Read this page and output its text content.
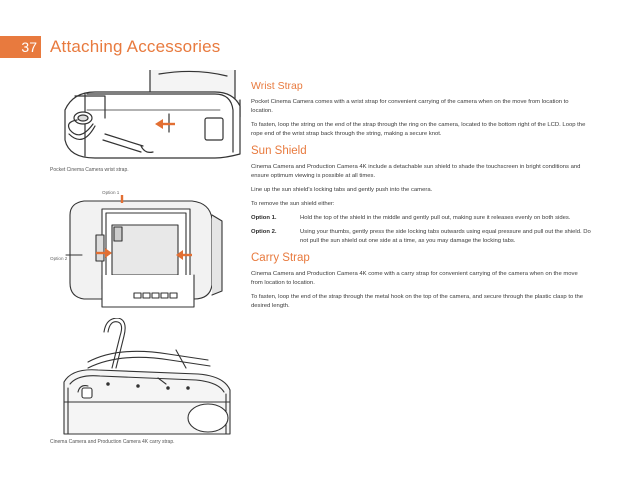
37 Attaching Accessories
Pocket Cinema Camera wrist strap.
Option 1
Option 2
Cinema Camera and Production Camera 4K carry strap.
Wrist Strap

Pocket Cinema Camera comes with a wrist strap for convenient carrying of the camera when on the move from location to location.

To fasten, loop the string on the end of the strap through the ring on the camera, located to the bottom right of the LCD. Loop the rope end of the wrist strap back through the string, making a secure knot.

Sun Shield

Cinema Camera and Production Camera 4K include a detachable sun shield to shade the touchscreen in bright conditions and ensure optimum viewing is possible at all times.

Line up the sun shield's locking tabs and gently push into the camera.

To remove the sun shield either:

Option 1.	Hold the top of the shield in the middle and gently pull out, making sure it releases evenly on both sides.
Option 2.	Using your thumbs, gently press the side locking tabs outwards using equal pressure and pull out the shield. Do not pull the sun shield out one side at a time, as you may damage the locking tabs.
Carry Strap

Cinema Camera and Production Camera 4K come with a carry strap for convenient carrying of the camera when on the move from location to location.

To fasten, loop the end of the strap through the metal hook on the top of the camera, and secure through the plastic clasp to the desired length.
